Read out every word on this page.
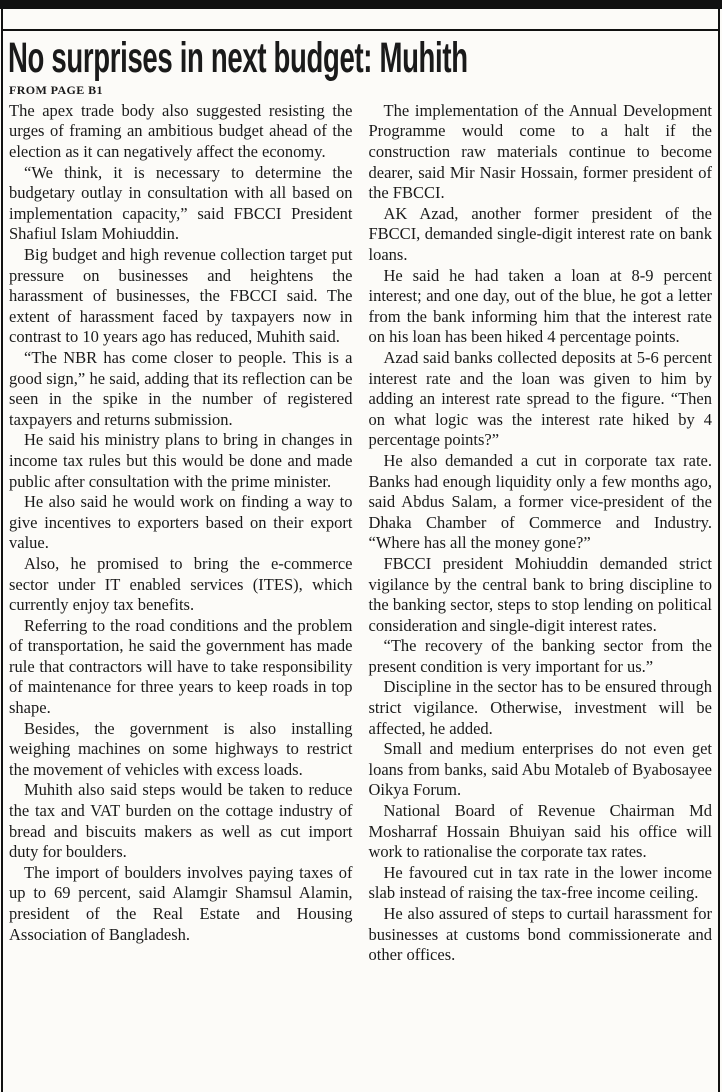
No surprises in next budget: Muhith
FROM PAGE B1

The apex trade body also suggested resisting the urges of framing an ambitious budget ahead of the election as it can negatively affect the economy.

“We think, it is necessary to determine the budgetary outlay in consultation with all based on implementation capacity,” said FBCCI President Shafiul Islam Mohiuddin.

Big budget and high revenue collection target put pressure on businesses and heightens the harassment of businesses, the FBCCI said. The extent of harassment faced by taxpayers now in contrast to 10 years ago has reduced, Muhith said.

“The NBR has come closer to people. This is a good sign,” he said, adding that its reflection can be seen in the spike in the number of registered taxpayers and returns submission.

He said his ministry plans to bring in changes in income tax rules but this would be done and made public after consultation with the prime minister.

He also said he would work on finding a way to give incentives to exporters based on their export value.

Also, he promised to bring the e-commerce sector under IT enabled services (ITES), which currently enjoy tax benefits.

Referring to the road conditions and the problem of transportation, he said the government has made rule that contractors will have to take responsibility of maintenance for three years to keep roads in top shape.

Besides, the government is also installing weighing machines on some highways to restrict the movement of vehicles with excess loads.

Muhith also said steps would be taken to reduce the tax and VAT burden on the cottage industry of bread and biscuits makers as well as cut import duty for boulders.

The import of boulders involves paying taxes of up to 69 percent, said Alamgir Shamsul Alamin, president of the Real Estate and Housing Association of Bangladesh.

The implementation of the Annual Development Programme would come to a halt if the construction raw materials continue to become dearer, said Mir Nasir Hossain, former president of the FBCCI.

AK Azad, another former president of the FBCCI, demanded single-digit interest rate on bank loans.

He said he had taken a loan at 8-9 percent interest; and one day, out of the blue, he got a letter from the bank informing him that the interest rate on his loan has been hiked 4 percentage points.

Azad said banks collected deposits at 5-6 percent interest rate and the loan was given to him by adding an interest rate spread to the figure. “Then on what logic was the interest rate hiked by 4 percentage points?”

He also demanded a cut in corporate tax rate. Banks had enough liquidity only a few months ago, said Abdus Salam, a former vice-president of the Dhaka Chamber of Commerce and Industry. “Where has all the money gone?”

FBCCI president Mohiuddin demanded strict vigilance by the central bank to bring discipline to the banking sector, steps to stop lending on political consideration and single-digit interest rates.

“The recovery of the banking sector from the present condition is very important for us.”

Discipline in the sector has to be ensured through strict vigilance. Otherwise, investment will be affected, he added.

Small and medium enterprises do not even get loans from banks, said Abu Motaleb of Byabosayee Oikya Forum.

National Board of Revenue Chairman Md Mosharraf Hossain Bhuiyan said his office will work to rationalise the corporate tax rates.

He favoured cut in tax rate in the lower income slab instead of raising the tax-free income ceiling.

He also assured of steps to curtail harassment for businesses at customs bond commissionerate and other offices.
